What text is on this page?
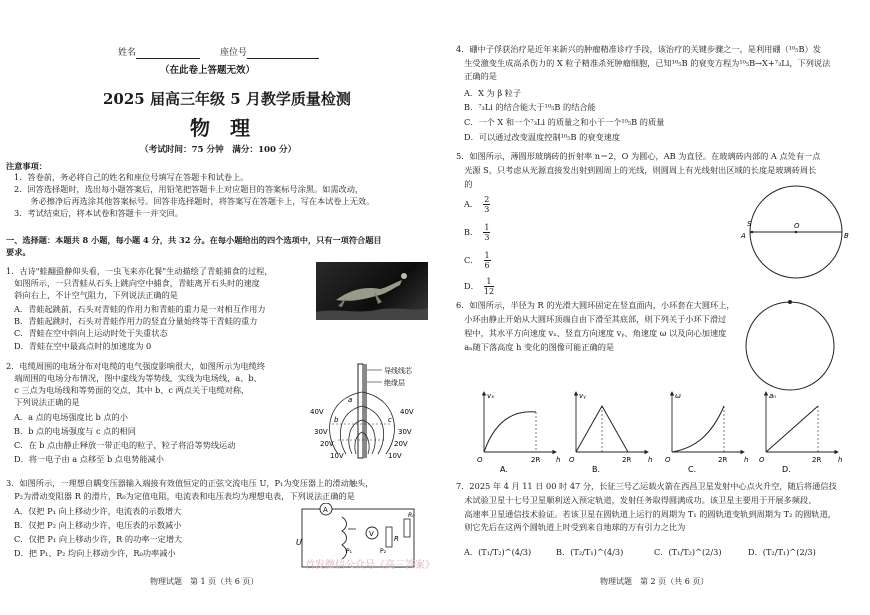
姓名	座位号
（在此卷上答题无效）
2025 届高三年级 5 月教学质量检测
物　理
（考试时间：75 分钟　满分：100 分）
注意事项：
1．答卷前，务必将自己的姓名和座位号填写在答题卡和试卷上。
2．回答选择题时，选出每小题答案后，用铅笔把答题卡上对应题目的答案标号涂黑。如需改动，
　　务必擦净后再选涂其他答案标号。回答非选择题时，将答案写在答题卡上，写在本试卷上无效。
3．考试结束后，将本试卷和答题卡一并交回。
一、选择题：本题共 8 小题，每小题 4 分，共 32 分。在每小题给出的四个选项中，只有一项符合题目
要求。
1．古诗"蛙翻蛩静仰头看，一虫飞来亦化餐"生动描绘了青蛙捕食的过程，
　如图所示，一只青蛙从石头上跳向空中捕食，青蛙离开石头时的速度
　斜向右上，不计空气阻力，下列说法正确的是
A．青蛙起跳前，石头对青蛙的作用力和青蛙的重力是一对相互作用力
B．青蛙起跳时，石头对青蛙作用力的竖直分量始终等于青蛙的重力
C．青蛙在空中斜向上运动时处于失重状态
D．青蛙在空中最高点时的加速度为 0
2．电缆周围的电场分布对电缆的电气强度影响很大，如图所示为电缆终
　端周围的电场分布情况，图中虚线为等势线，实线为电场线，a、b、
　c 三点为电场线和等势面的交点，其中 b、c 两点关于电缆对称，
　下列说法正确的是
A．a 点的电场强度比 b 点的小
B．b 点的电场强度与 c 点的相同
C．在 b 点由静止释放一带正电的粒子，粒子将沿等势线运动
D．将一电子由 a 点移至 b 点电势能减小
导线线芯
绝缘层
40V	40V
30V	30V
20V	20V
10V	10V
a
b	c
3．如图所示，一理想自耦变压器输入端接有效值恒定的正弦交流电压 U，P₁为变压器上的滑动触头，
　P₂为滑动变阻器 R 的滑片，R₀为定值电阻，电流表和电压表均为理想电表，下列说法正确的是
A．仅把 P₁ 向上移动少许，电流表的示数增大
B．仅把 P₂ 向上移动少许，电压表的示数减小
C．仅把 P₁ 向上移动少许，R 的功率一定增大
D．把 P₁、P₂ 均向上移动少许，R₀功率减小
A
U
P₁
V
P₂
R
R₀
物理试题　第 1 页（共 6 页）
4．硼中子俘获治疗是近年来新兴的肿瘤精准诊疗手段，该治疗的关键步骤之一，是利用硼（¹⁰₅B）发
　生受激变生成高杀伤力的 X 粒子精准杀死肿瘤细胞，已知¹⁰₅B 的衰变方程为¹⁰₅B→X+⁷₃Li，下列说法
　正确的是
A．X 为 β 粒子
B．⁷₃Li 的结合能大于¹⁰₅B 的结合能
C．一个 X 和一个⁷₃Li 的质量之和小于一个¹⁰₅B 的质量
D．可以通过改变温度控制¹⁰₅B 的衰变速度
5．如图所示，薄圆形玻璃砖的折射率 n＝2，O 为圆心，AB 为直径。在玻璃砖内部的 A 点处有一点
　光源 S，只考虑从光源直接发出射到圆周上的光线，则圆周上有光线射出区域的长度是玻璃砖周长
　的
A． $\frac{2}{3}$
B． $\frac{1}{3}$
C． $\frac{1}{6}$
D． $\frac{1}{12}$
S
A
O
B
6．如图所示，半径为 R 的光滑大圆环固定在竖直面内，小环套在大圆环上，
　小环由静止开始从大圆环顶端自由下滑至其底部，则下列关于小环下滑过
　程中，其水平方向速度 vₓ、竖直方向速度 vᵧ、角速度 ω 以及向心加速度
　aₙ随下落高度 h 变化的图像可能正确的是
vₓ
h
2R
O
A.
vᵧ
h
2R
O
B.
ω
h
2R
O
C.
aₙ
h
2R
O
D.
7．2025 年 4 月 11 日 00 时 47 分，长征三号乙运载火箭在西昌卫星发射中心点火升空，随后将通信技
　术试验卫星十七号卫星顺利送入预定轨道，发射任务取得圆满成功。该卫星主要用于开展多频段、
　高速率卫星通信技术验证。若该卫星在圆轨道上运行的周期为 T₁ 的圆轨道变轨到周期为 T₂ 的圆轨道，
　则它先后在这两个圆轨道上时受到来自地球的万有引力之比为
A．(T₁/T₂)^(4/3)	B．(T₂/T₁)^(4/3)	C．(T₁/T₂)^(2/3)	D．(T₂/T₁)^(2/3)
物理试题　第 2 页（共 6 页）
首发微信公众号《高三答案》
